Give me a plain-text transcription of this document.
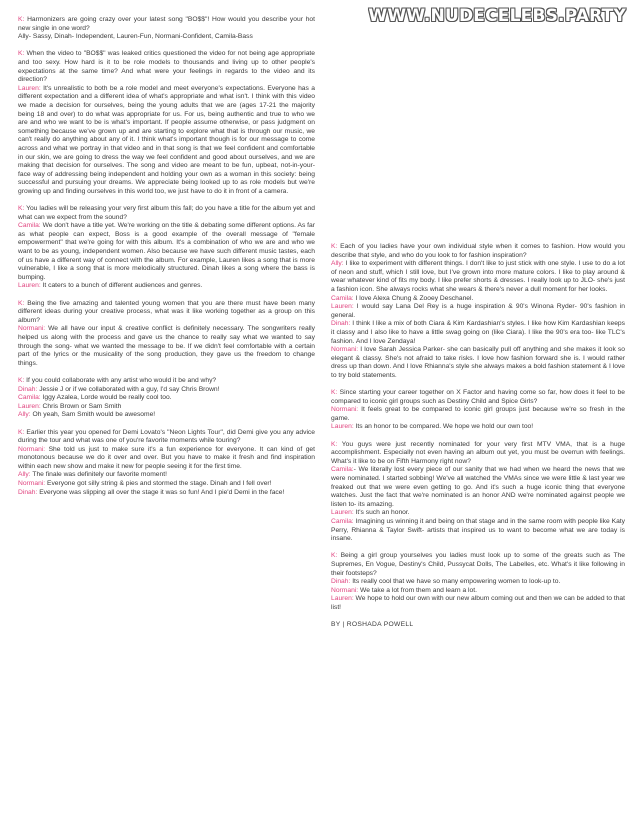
WWW.NUDECELEBS.PARTY
K: Harmonizers are going crazy over your latest song "BO$$"! How would you describe your hot new single in one word?
Ally- Sassy, Dinah- Independent, Lauren-Fun, Normani-Confident, Camila-Bass
K: When the video to "BO$$" was leaked critics questioned the video for not being age appropriate and too sexy. How hard is it to be role models to thousands and living up to other people's expectations at the same time? And what were your feelings in regards to the video and its direction?
Lauren: It's unrealistic to both be a role model and meet everyone's expectations. Everyone has a different expectation and a different idea of what's appropriate and what isn't. I think with this video we made a decision for ourselves, being the young adults that we are (ages 17-21 the majority being 18 and over) to do what was appropriate for us. For us, being authentic and true to who we are and who we want to be is what's important. If people assume otherwise, or pass judgment on something because we've grown up and are starting to explore what that is through our music, we can't really do anything about any of it. I think what's important though is for our message to come across and what we portray in that video and in that song is that we feel confident and comfortable in our skin, we are going to dress the way we feel confident and good about ourselves, and we are making that decision for ourselves. The song and video are meant to be fun, upbeat, not-in-your-face way of addressing being independent and holding your own as a woman in this society: being successful and pursuing your dreams. We appreciate being looked up to as role models but we're growing up and finding ourselves in this world too, we just have to do it in front of a camera.
K: You ladies will be releasing your very first album this fall; do you have a title for the album yet and what can we expect from the sound?
Camila: We don't have a title yet. We're working on the title & debating some different options. As far as what people can expect, Boss is a good example of the overall message of "female empowerment" that we're going for with this album. It's a combination of who we are and who we want to be as young, independent women. Also because we have such different music tastes, each of us have a different way of connect with the album. For example, Lauren likes a song that is more vulnerable, I like a song that is more melodically structured. Dinah likes a song where the bass is bumping.
Lauren: It caters to a bunch of different audiences and genres.
K: Being the five amazing and talented young women that you are there must have been many different ideas during your creative process, what was it like working together as a group on this album?
Normani: We all have our input & creative conflict is definitely necessary. The songwriters really helped us along with the process and gave us the chance to really say what we wanted to say through the song- what we wanted the message to be. If we didn't feel comfortable with a certain part of the lyrics or the musicality of the song production, they gave us the freedom to change things.
K: If you could collaborate with any artist who would it be and why?
Dinah: Jessie J or if we collaborated with a guy, I'd say Chris Brown!
Camila: Iggy Azalea, Lorde would be really cool too.
Lauren: Chris Brown or Sam Smith
Ally: Oh yeah, Sam Smith would be awesome!
K: Earlier this year you opened for Demi Lovato's "Neon Lights Tour", did Demi give you any advice during the tour and what was one of you're favorite moments while touring?
Normani: She told us just to make sure it's a fun experience for everyone. It can kind of get monotonous because we do it over and over. But you have to make it fresh and find inspiration within each new show and make it new for people seeing it for the first time.
Ally: The finale was definitely our favorite moment!
Normani: Everyone got silly string & pies and stormed the stage. Dinah and I fell over!
Dinah: Everyone was slipping all over the stage it was so fun! And I pie'd Demi in the face!
K: Each of you ladies have your own individual style when it comes to fashion. How would you describe that style, and who do you look to for fashion inspiration?
Ally: I like to experiment with different things. I don't like to just stick with one style. I use to do a lot of neon and stuff, which I still love, but I've grown into more mature colors. I like to play around & wear whatever kind of fits my body. I like prefer shorts & dresses. I really look up to JLO- she's just a fashion icon. She always rocks what she wears & there's never a dull moment for her looks.
Camila: I love Alexa Chung & Zooey Deschanel.
Lauren: I would say Lana Del Rey is a huge inspiration & 90's Winona Ryder- 90's fashion in general.
Dinah: I think I like a mix of both Ciara & Kim Kardashian's styles. I like how Kim Kardashian keeps it classy and I also like to have a little swag going on (like Ciara). I like the 90's era too- like TLC's fashion. And I love Zendaya!
Normani: I love Sarah Jessica Parker- she can basically pull off anything and she makes it look so elegant & classy. She's not afraid to take risks. I love how fashion forward she is. I would rather dress up than down. And I love Rhianna's style she always makes a bold fashion statement & I love to try bold statements.
K: Since starting your career together on X Factor and having come so far, how does it feel to be compared to iconic girl groups such as Destiny Child and Spice Girls?
Normani: It feels great to be compared to iconic girl groups just because we're so fresh in the game.
Lauren: Its an honor to be compared. We hope we hold our own too!
K: You guys were just recently nominated for your very first MTV VMA, that is a huge accomplishment. Especially not even having an album out yet, you must be overrun with feelings. What's it like to be on Fifth Harmony right now?
Camila:- We literally lost every piece of our sanity that we had when we heard the news that we were nominated. I started sobbing! We've all watched the VMAs since we were little & last year we freaked out that we were even getting to go. And it's such a huge iconic thing that everyone watches. Just the fact that we're nominated is an honor AND we're nominated against people we listen to- its amazing.
Lauren: It's such an honor.
Camila: Imagining us winning it and being on that stage and in the same room with people like Katy Perry, Rhianna & Taylor Swift- artists that inspired us to want to become what we are today is insane.
K: Being a girl group yourselves you ladies must look up to some of the greats such as The Supremes, En Vogue, Destiny's Child, Pussycat Dolls, The Labelles, etc. What's it like following in their footsteps?
Dinah: Its really cool that we have so many empowering women to look-up to.
Normani: We take a lot from them and learn a lot.
Lauren: We hope to hold our own with our new album coming out and then we can be added to that list!
BY | ROSHADA POWELL
